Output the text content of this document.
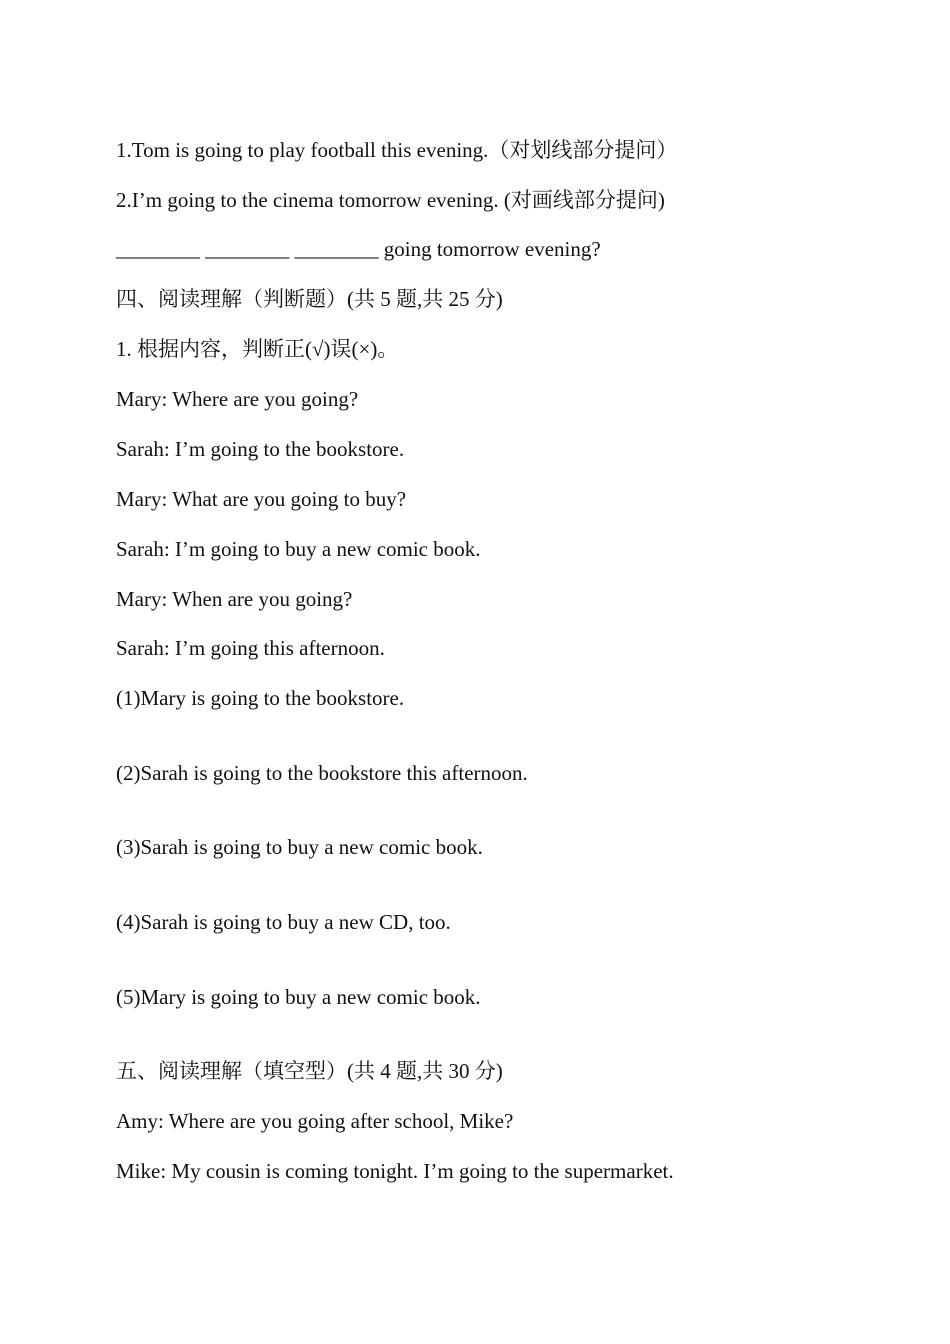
1.Tom is going to play football this evening.（对划线部分提问）
2.I’m going to the cinema tomorrow evening. (对画线部分提问)
________ ________ ________ going tomorrow evening?
四、阅读理解（判断题）(共 5 题,共 25 分)
1. 根据内容，判断正(√)误(×)。
Mary: Where are you going?
Sarah: I’m going to the bookstore.
Mary: What are you going to buy?
Sarah: I’m going to buy a new comic book.
Mary: When are you going?
Sarah: I’m going this afternoon.
(1)Mary is going to the bookstore.
(2)Sarah is going to the bookstore this afternoon.
(3)Sarah is going to buy a new comic book.
(4)Sarah is going to buy a new CD, too.
(5)Mary is going to buy a new comic book.
五、阅读理解（填空型）(共 4 题,共 30 分)
Amy: Where are you going after school, Mike?
Mike: My cousin is coming tonight. I’m going to the supermarket.
